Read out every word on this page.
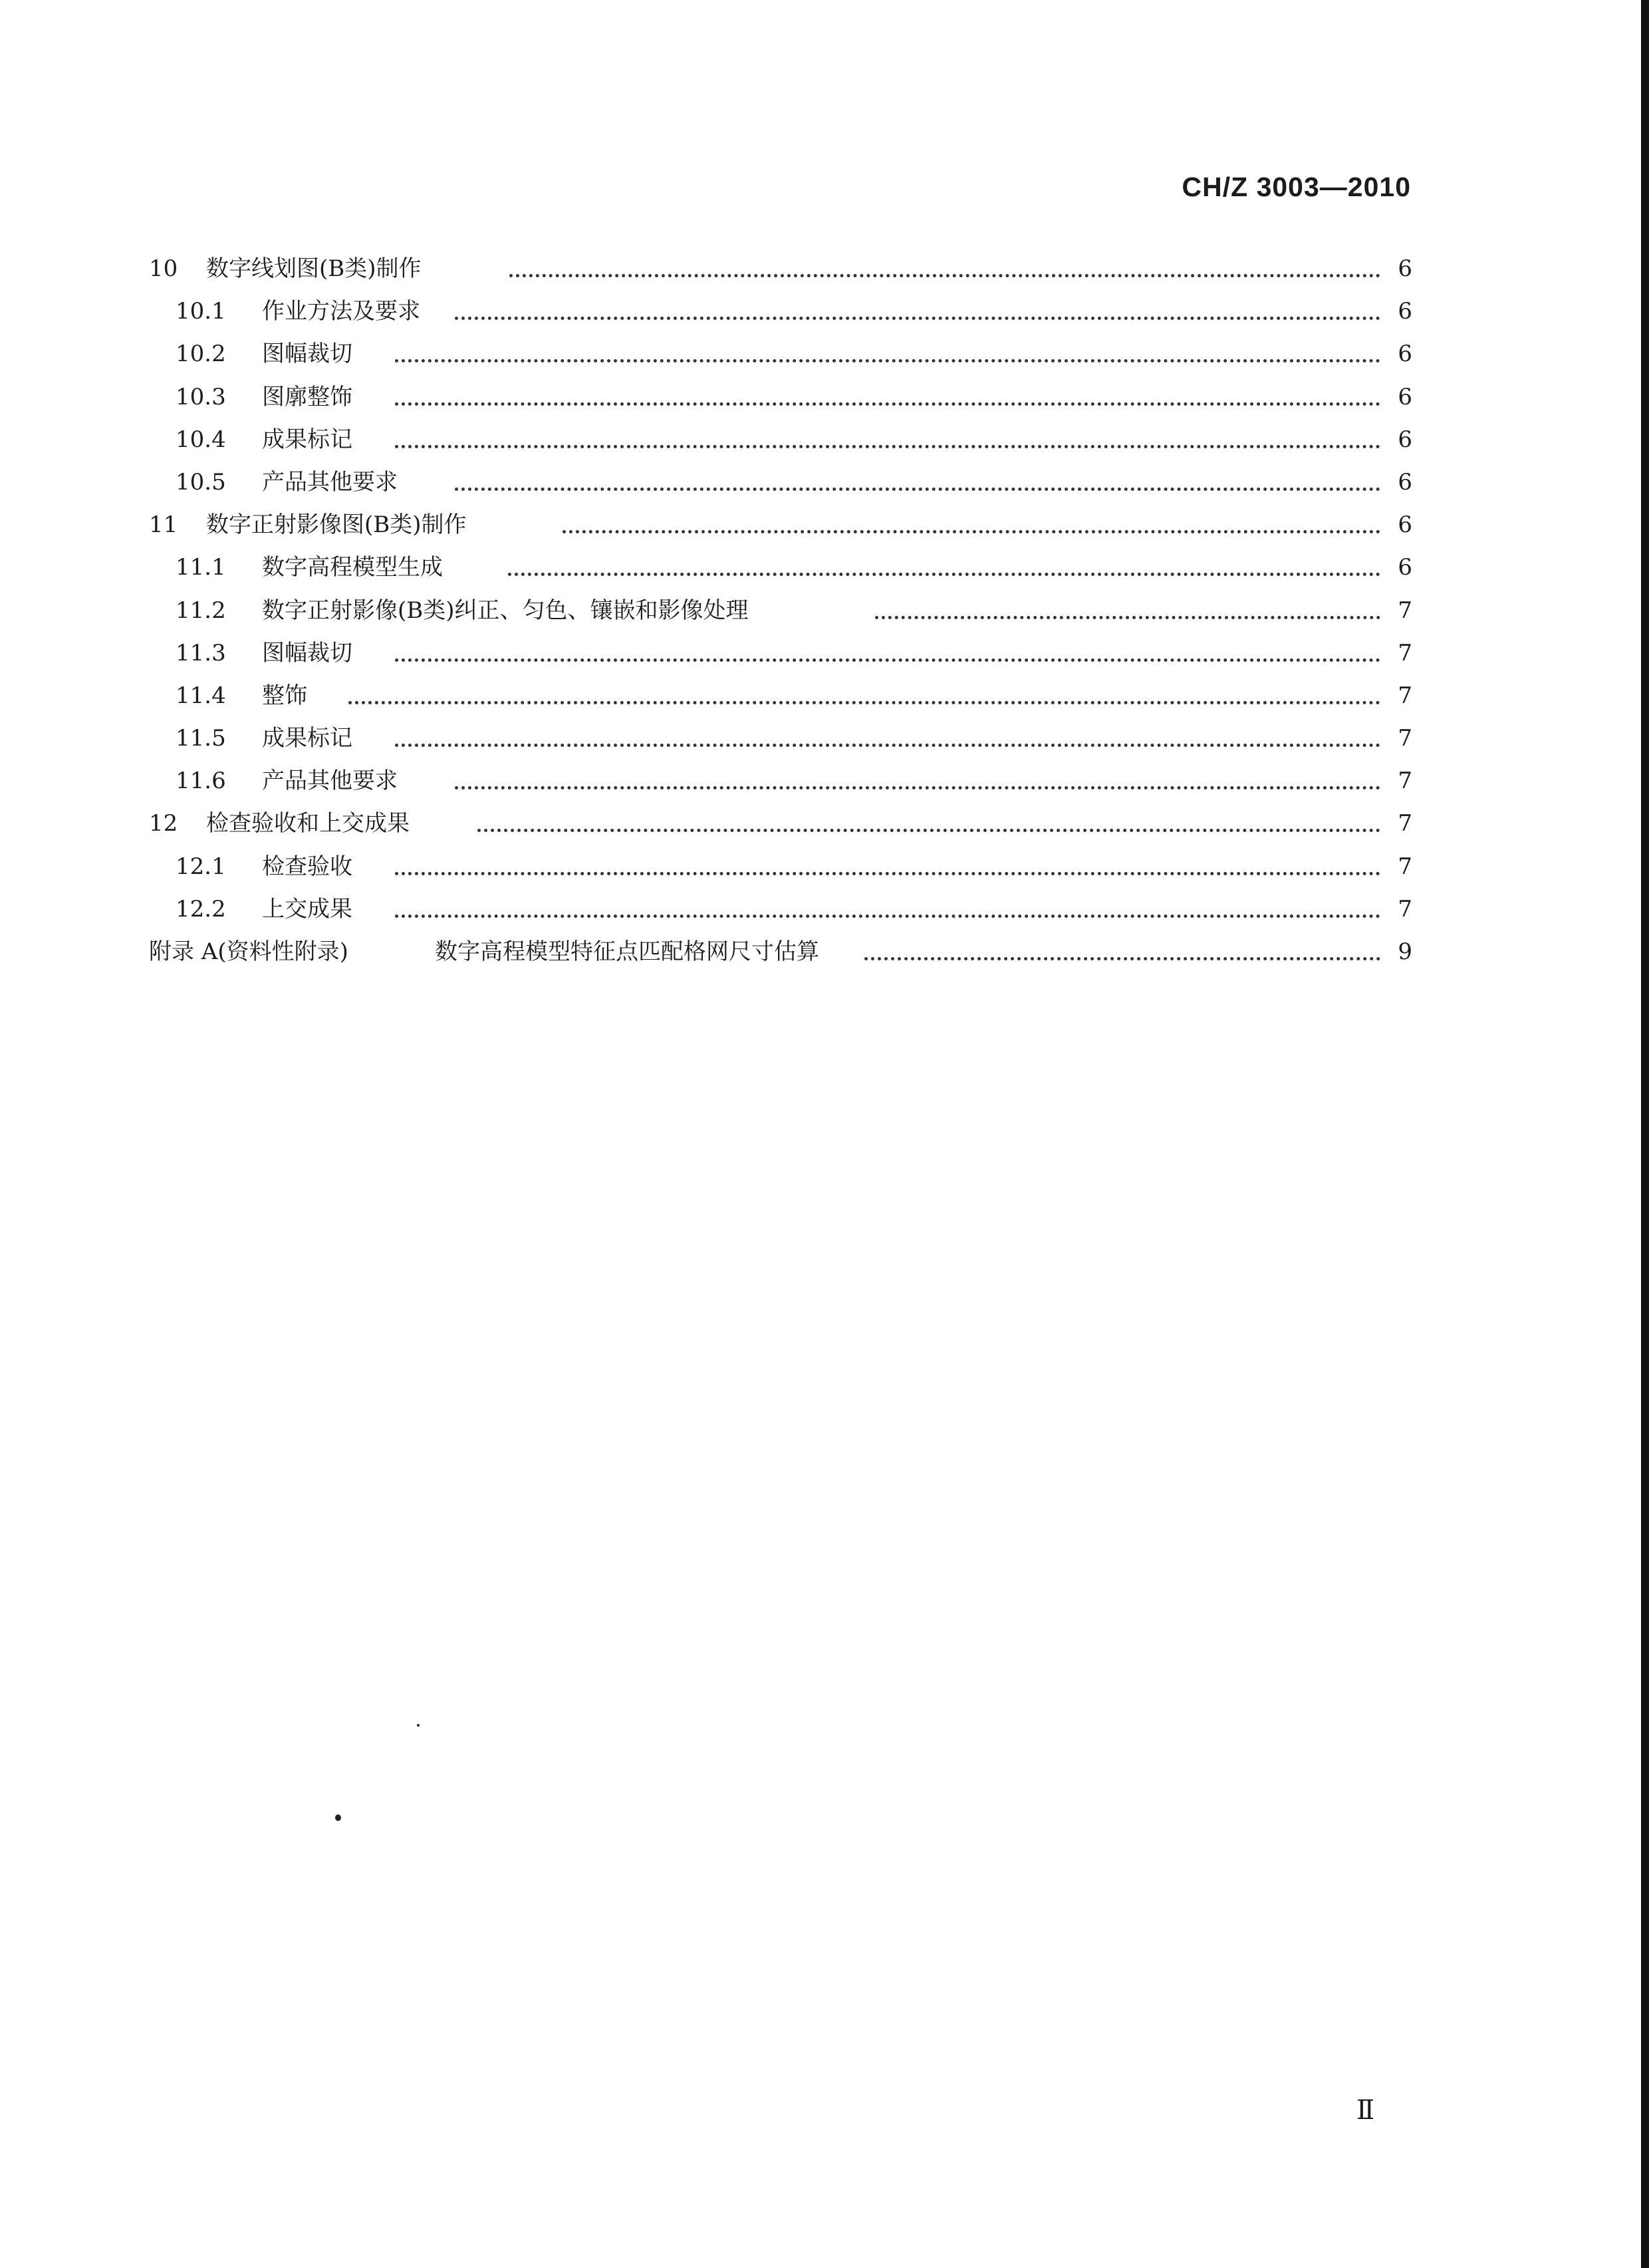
CH/Z 3003—2010
10 数字线划图(B类)制作	6
10.1 作业方法及要求	6
10.2 图幅裁切	6
10.3 图廓整饰	6
10.4 成果标记	6
10.5 产品其他要求	6
11 数字正射影像图(B类)制作	6
11.1 数字高程模型生成	6
11.2 数字正射影像(B类)纠正、匀色、镶嵌和影像处理	7
11.3 图幅裁切	7
11.4 整饰	7
11.5 成果标记	7
11.6 产品其他要求	7
12 检查验收和上交成果	7
12.1 检查验收	7
12.2 上交成果	7
附录 A(资料性附录)	数字高程模型特征点匹配格网尺寸估算	9
Ⅱ
